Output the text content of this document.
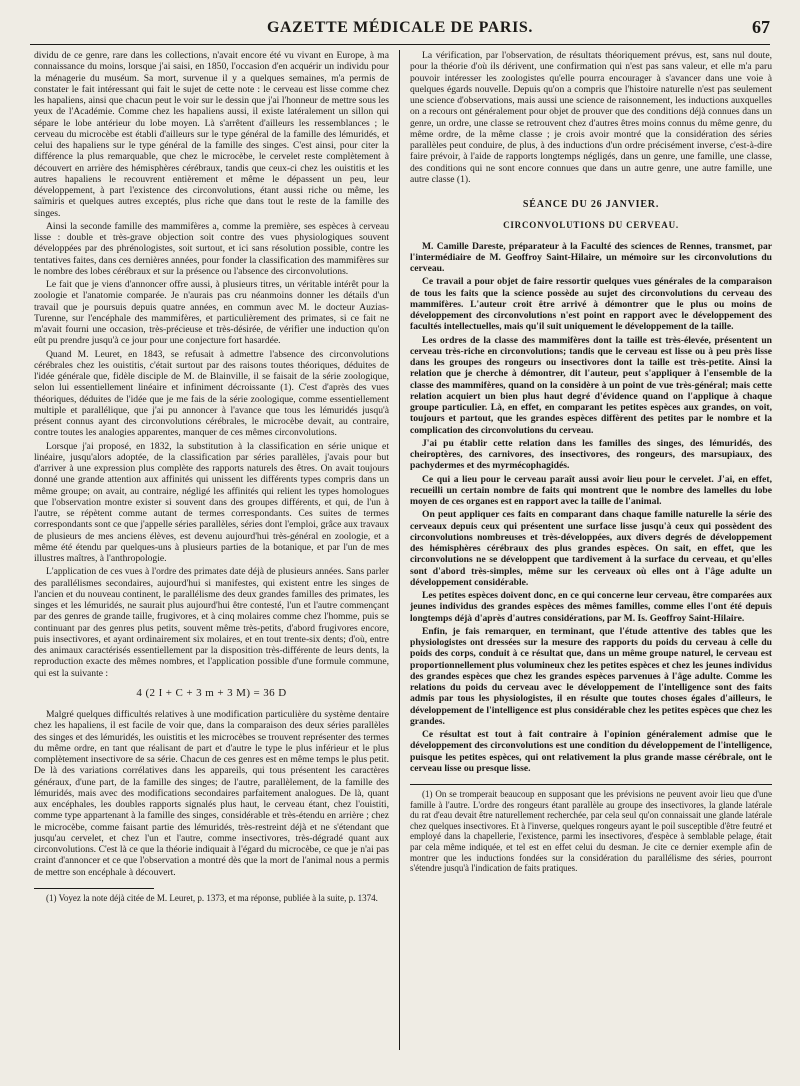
GAZETTE MÉDICALE DE PARIS.	67

dividu de ce genre, rare dans les collections, n'avait encore été vu vivant en Europe, à ma connaissance du moins, lorsque j'ai saisi, en 1850, l'occasion d'en acquérir un individu pour la ménagerie du muséum. Sa mort, survenue il y a quelques semaines, m'a permis de constater le fait intéressant qui fait le sujet de cette note : le cerveau est lisse comme chez les hapaliens, ainsi que chacun peut le voir sur le dessin que j'ai l'honneur de mettre sous les yeux de l'Académie. Comme chez les hapaliens aussi, il existe latéralement un sillon qui sépare le lobe antérieur du lobe moyen. Là s'arrêtent d'ailleurs les ressemblances ; le cerveau du microcèbe est établi d'ailleurs sur le type général de la famille des lémuridés, et celui des hapaliens sur le type général de la famille des singes. C'est ainsi, pour citer la différence la plus remarquable, que chez le microcèbe, le cervelet reste complètement à découvert en arrière des hémisphères cérébraux, tandis que ceux-ci chez les ouistitis et les autres hapaliens le recouvrent entièrement et même le dépassent un peu, leur développement, à part l'existence des circonvolutions, étant aussi riche ou même, les saïmiris et quelques autres exceptés, plus riche que dans tout le reste de la famille des singes.

Ainsi la seconde famille des mammifères a, comme la première, ses espèces à cerveau lisse : double et très-grave objection soit contre des vues physiologiques souvent développées par des phrénologistes, soit surtout, et ici sans résolution possible, contre les tentatives faites, dans ces dernières années, pour fonder la classification des mammifères sur le nombre des lobes cérébraux et sur la présence ou l'absence des circonvolutions.

Le fait que je viens d'annoncer offre aussi, à plusieurs titres, un véritable intérêt pour la zoologie et l'anatomie comparée. Je n'aurais pas cru néanmoins donner les détails d'un travail que je poursuis depuis quatre années, en commun avec M. le docteur Auzias-Turenne, sur l'encéphale des mammifères, et particulièrement des primates, si ce fait ne m'avait fourni une occasion, très-précieuse et très-désirée, de vérifier une induction qu'on eût pu prendre jusqu'à ce jour pour une conjecture fort hasardée.

Quand M. Leuret, en 1843, se refusait à admettre l'absence des circonvolutions cérébrales chez les ouistitis, c'était surtout par des raisons toutes théoriques, déduites de l'idée générale que, fidèle disciple de M. de Blainville, il se faisait de la série zoologique, selon lui essentiellement linéaire et infiniment décroissante (1). C'est d'après des vues théoriques, déduites de l'idée que je me fais de la série zoologique, comme essentiellement multiple et parallélique, que j'ai pu annoncer à l'avance que tous les lémuridés jusqu'à présent connus ayant des circonvolutions cérébrales, le microcèbe devait, au contraire, contre toutes les analogies apparentes, manquer de ces mêmes circonvolutions.

Lorsque j'ai proposé, en 1832, la substitution à la classification en série unique et linéaire, jusqu'alors adoptée, de la classification par séries parallèles, j'avais pour but d'arriver à une expression plus complète des rapports naturels des êtres. On avait toujours donné une grande attention aux affinités qui unissent les différents types compris dans un même groupe; on avait, au contraire, négligé les affinités qui relient les types homologues que l'observation montre exister si souvent dans des groupes différents, et qui, de l'un à l'autre, se répètent comme autant de termes correspondants. Ces suites de termes correspondants sont ce que j'appelle séries parallèles, séries dont l'emploi, grâce aux travaux de plusieurs de mes anciens élèves, est devenu aujourd'hui très-général en zoologie, et a même été étendu par quelques-uns à plusieurs parties de la botanique, et par l'un de mes illustres maîtres, à l'anthropologie.

L'application de ces vues à l'ordre des primates date déjà de plusieurs années. Sans parler des parallélismes secondaires, aujourd'hui si manifestes, qui existent entre les singes de l'ancien et du nouveau continent, le parallélisme des deux grandes familles des primates, les singes et les lémuridés, ne saurait plus aujourd'hui être contesté, l'un et l'autre commençant par des genres de grande taille, frugivores, et à cinq molaires comme chez l'homme, puis se continuant par des genres plus petits, souvent même très-petits, d'abord frugivores encore, puis insectivores, et ayant ordinairement six molaires, et en tout trente-six dents; d'où, entre des animaux caractérisés essentiellement par la disposition très-différente de leurs dents, la reproduction exacte des mêmes nombres, et l'application possible d'une formule commune, qui est la suivante :

4 (2 I + C + 3 m + 3 M) = 36 D

Malgré quelques difficultés relatives à une modification particulière du système dentaire chez les hapaliens, il est facile de voir que, dans la comparaison des deux séries parallèles des singes et des lémuridés, les ouistitis et les microcèbes se trouvent représenter des termes du même ordre, en tant que réalisant de part et d'autre le type le plus inférieur et le plus complètement insectivore de sa série. Chacun de ces genres est en même temps le plus petit. De là des variations corrélatives dans les appareils, qui tous présentent les caractères généraux, d'une part, de la famille des singes; de l'autre, parallèlement, de la famille des lémuridés, mais avec des modifications secondaires parfaitement analogues. De là, quant aux encéphales, les doubles rapports signalés plus haut, le cerveau étant, chez l'ouistiti, comme type appartenant à la famille des singes, considérable et très-étendu en arrière ; chez le microcèbe, comme faisant partie des lémuridés, très-restreint déjà et ne s'étendant que jusqu'au cervelet, et chez l'un et l'autre, comme insectivores, très-dégradé quant aux circonvolutions. C'est là ce que la théorie indiquait à l'égard du microcèbe, ce que je n'ai pas craint d'annoncer et ce que l'observation a montré dès que la mort de l'animal nous a permis de mettre son encéphale à découvert.

(1) Voyez la note déjà citée de M. Leuret, p. 1373, et ma réponse, publiée à la suite, p. 1374.

La vérification, par l'observation, de résultats théoriquement prévus, est, sans nul doute, pour la théorie d'où ils dérivent, une confirmation qui n'est pas sans valeur, et elle m'a paru pouvoir intéresser les zoologistes qu'elle pourra encourager à s'avancer dans une voie à quelques égards nouvelle. Depuis qu'on a compris que l'histoire naturelle n'est pas seulement une science d'observations, mais aussi une science de raisonnement, les inductions auxquelles on a recours ont généralement pour objet de prouver que des conditions déjà connues dans un genre, un ordre, une classe se retrouvent chez d'autres êtres moins connus du même genre, du même ordre, de la même classe ; je crois avoir montré que la considération des séries parallèles peut conduire, de plus, à des inductions d'un ordre précisément inverse, c'est-à-dire faire prévoir, à l'aide de rapports longtemps négligés, dans un genre, une famille, une classe, des conditions qui ne sont encore connues que dans un autre genre, une autre famille, une autre classe (1).

SÉANCE DU 26 JANVIER.
CIRCONVOLUTIONS DU CERVEAU.

M. Camille Dareste, préparateur à la Faculté des sciences de Rennes, transmet, par l'intermédiaire de M. Geoffroy Saint-Hilaire, un mémoire sur les circonvolutions du cerveau.

Ce travail a pour objet de faire ressortir quelques vues générales de la comparaison de tous les faits que la science possède au sujet des circonvolutions du cerveau des mammifères. L'auteur croit être arrivé à démontrer que le plus ou moins de développement des circonvolutions n'est point en rapport avec le développement des facultés intellectuelles, mais qu'il suit uniquement le développement de la taille.

Les ordres de la classe des mammifères dont la taille est très-élevée, présentent un cerveau très-riche en circonvolutions; tandis que le cerveau est lisse ou à peu près lisse dans les groupes des rongeurs ou insectivores dont la taille est très-petite. Ainsi la relation que je cherche à démontrer, dit l'auteur, peut s'appliquer à l'ensemble de la classe des mammifères, quand on la considère à un point de vue très-général; mais cette relation acquiert un bien plus haut degré d'évidence quand on l'applique à chaque groupe particulier. Là, en effet, en comparant les petites espèces aux grandes, on voit, toujours et partout, que les grandes espèces diffèrent des petites par le nombre et la complication des circonvolutions du cerveau.

J'ai pu établir cette relation dans les familles des singes, des lémuridés, des cheiroptères, des carnivores, des insectivores, des rongeurs, des marsupiaux, des pachydermes et des myrmécophagidés.

Ce qui a lieu pour le cerveau paraît aussi avoir lieu pour le cervelet. J'ai, en effet, recueilli un certain nombre de faits qui montrent que le nombre des lamelles du lobe moyen de ces organes est en rapport avec la taille de l'animal.

On peut appliquer ces faits en comparant dans chaque famille naturelle la série des cerveaux depuis ceux qui présentent une surface lisse jusqu'à ceux qui possèdent des circonvolutions nombreuses et très-développées, aux divers degrés de développement des hémisphères cérébraux des plus grandes espèces. On sait, en effet, que les circonvolutions ne se développent que tardivement à la surface du cerveau, et qu'elles sont d'abord très-simples, même sur les cerveaux où elles ont à l'âge adulte un développement considérable.

Les petites espèces doivent donc, en ce qui concerne leur cerveau, être comparées aux jeunes individus des grandes espèces des mêmes familles, comme elles l'ont été depuis longtemps déjà d'après d'autres considérations, par M. Is. Geoffroy Saint-Hilaire.

Enfin, je fais remarquer, en terminant, que l'étude attentive des tables que les physiologistes ont dressées sur la mesure des rapports du poids du cerveau à celle du poids des corps, conduit à ce résultat que, dans un même groupe naturel, le cerveau est proportionnellement plus volumineux chez les petites espèces et chez les jeunes individus des grandes espèces que chez les grandes espèces parvenues à l'âge adulte. Comme les relations du poids du cerveau avec le développement de l'intelligence sont des faits admis par tous les physiologistes, il en résulte que toutes choses égales d'ailleurs, le développement de l'intelligence est plus considérable chez les petites espèces que chez les grandes.

Ce résultat est tout à fait contraire à l'opinion généralement admise que le développement des circonvolutions est une condition du développement de l'intelligence, puisque les petites espèces, qui ont relativement la plus grande masse cérébrale, ont le cerveau lisse ou presque lisse.

(1) On se tromperait beaucoup en supposant que les prévisions ne peuvent avoir lieu que d'une famille à l'autre. L'ordre des rongeurs étant parallèle au groupe des insectivores, la glande latérale du rat d'eau devait être naturellement recherchée, par cela seul qu'on connaissait une glande latérale chez quelques insectivores. Et à l'inverse, quelques rongeurs ayant le poil susceptible d'être feutré et employé dans la chapellerie, l'existence, parmi les insectivores, d'espèce à semblable pelage, était par cela même indiquée, et tel est en effet celui du desman. Je cite ce dernier exemple afin de montrer que les inductions fondées sur la considération du parallélisme des séries, pourront s'étendre jusqu'à l'indication de faits pratiques.
